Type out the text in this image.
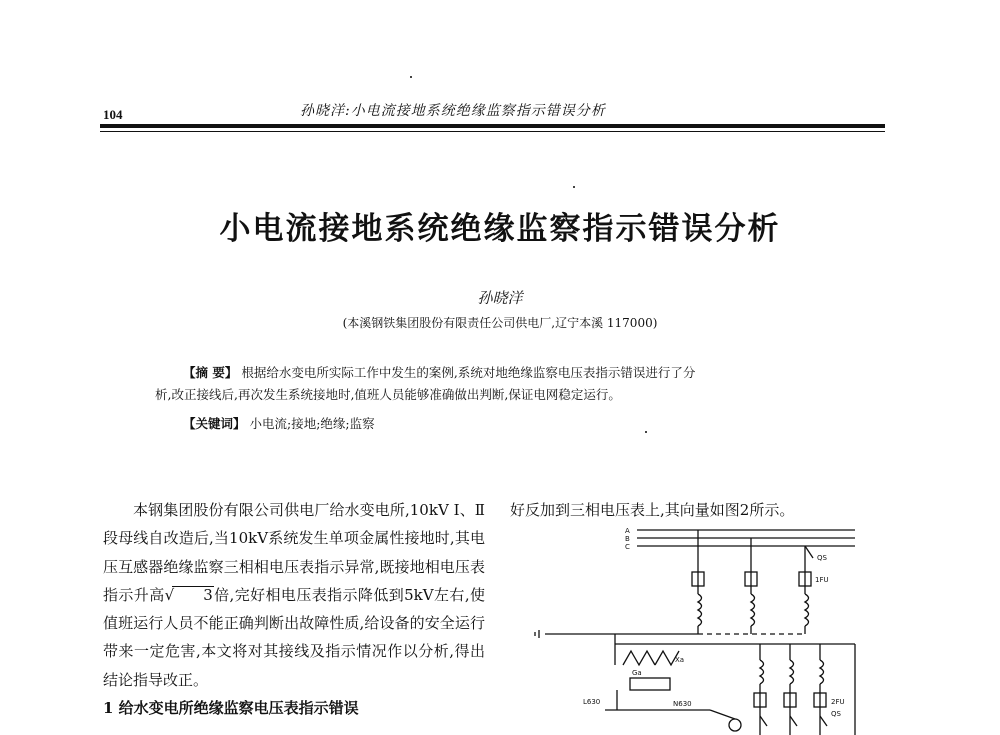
104	孙晓洋:小电流接地系统绝缘监察指示错误分析
小电流接地系统绝缘监察指示错误分析
孙晓洋
(本溪钢铁集团股份有限责任公司供电厂,辽宁本溪 117000)
【摘 要】 根据给水变电所实际工作中发生的案例,系统对地绝缘监察电压表指示错误进行了分
析,改正接线后,再次发生系统接地时,值班人员能够准确做出判断,保证电网稳定运行。
【关键词】 小电流;接地;绝缘;监察
本钢集团股份有限公司供电厂给水变电所,10kV Ⅰ、Ⅱ段母线自改造后,当10kV系统发生单项金属性接地时,其电压互感器绝缘监察三相相电压表指示异常,既接地相电压表指示升高√ 3倍,完好相电压表指示降低到5kV左右,使值班运行人员不能正确判断出故障性质,给设备的安全运行带来一定危害,本文将对其接线及指示情况作以分析,得出结论指导改正。
1 给水变电所绝缘监察电压表指示错误
好反加到三相电压表上,其向量如图2所示。
A
B
C
QS
1FU
2FU
QS
L630	N630
Xa
Ga
